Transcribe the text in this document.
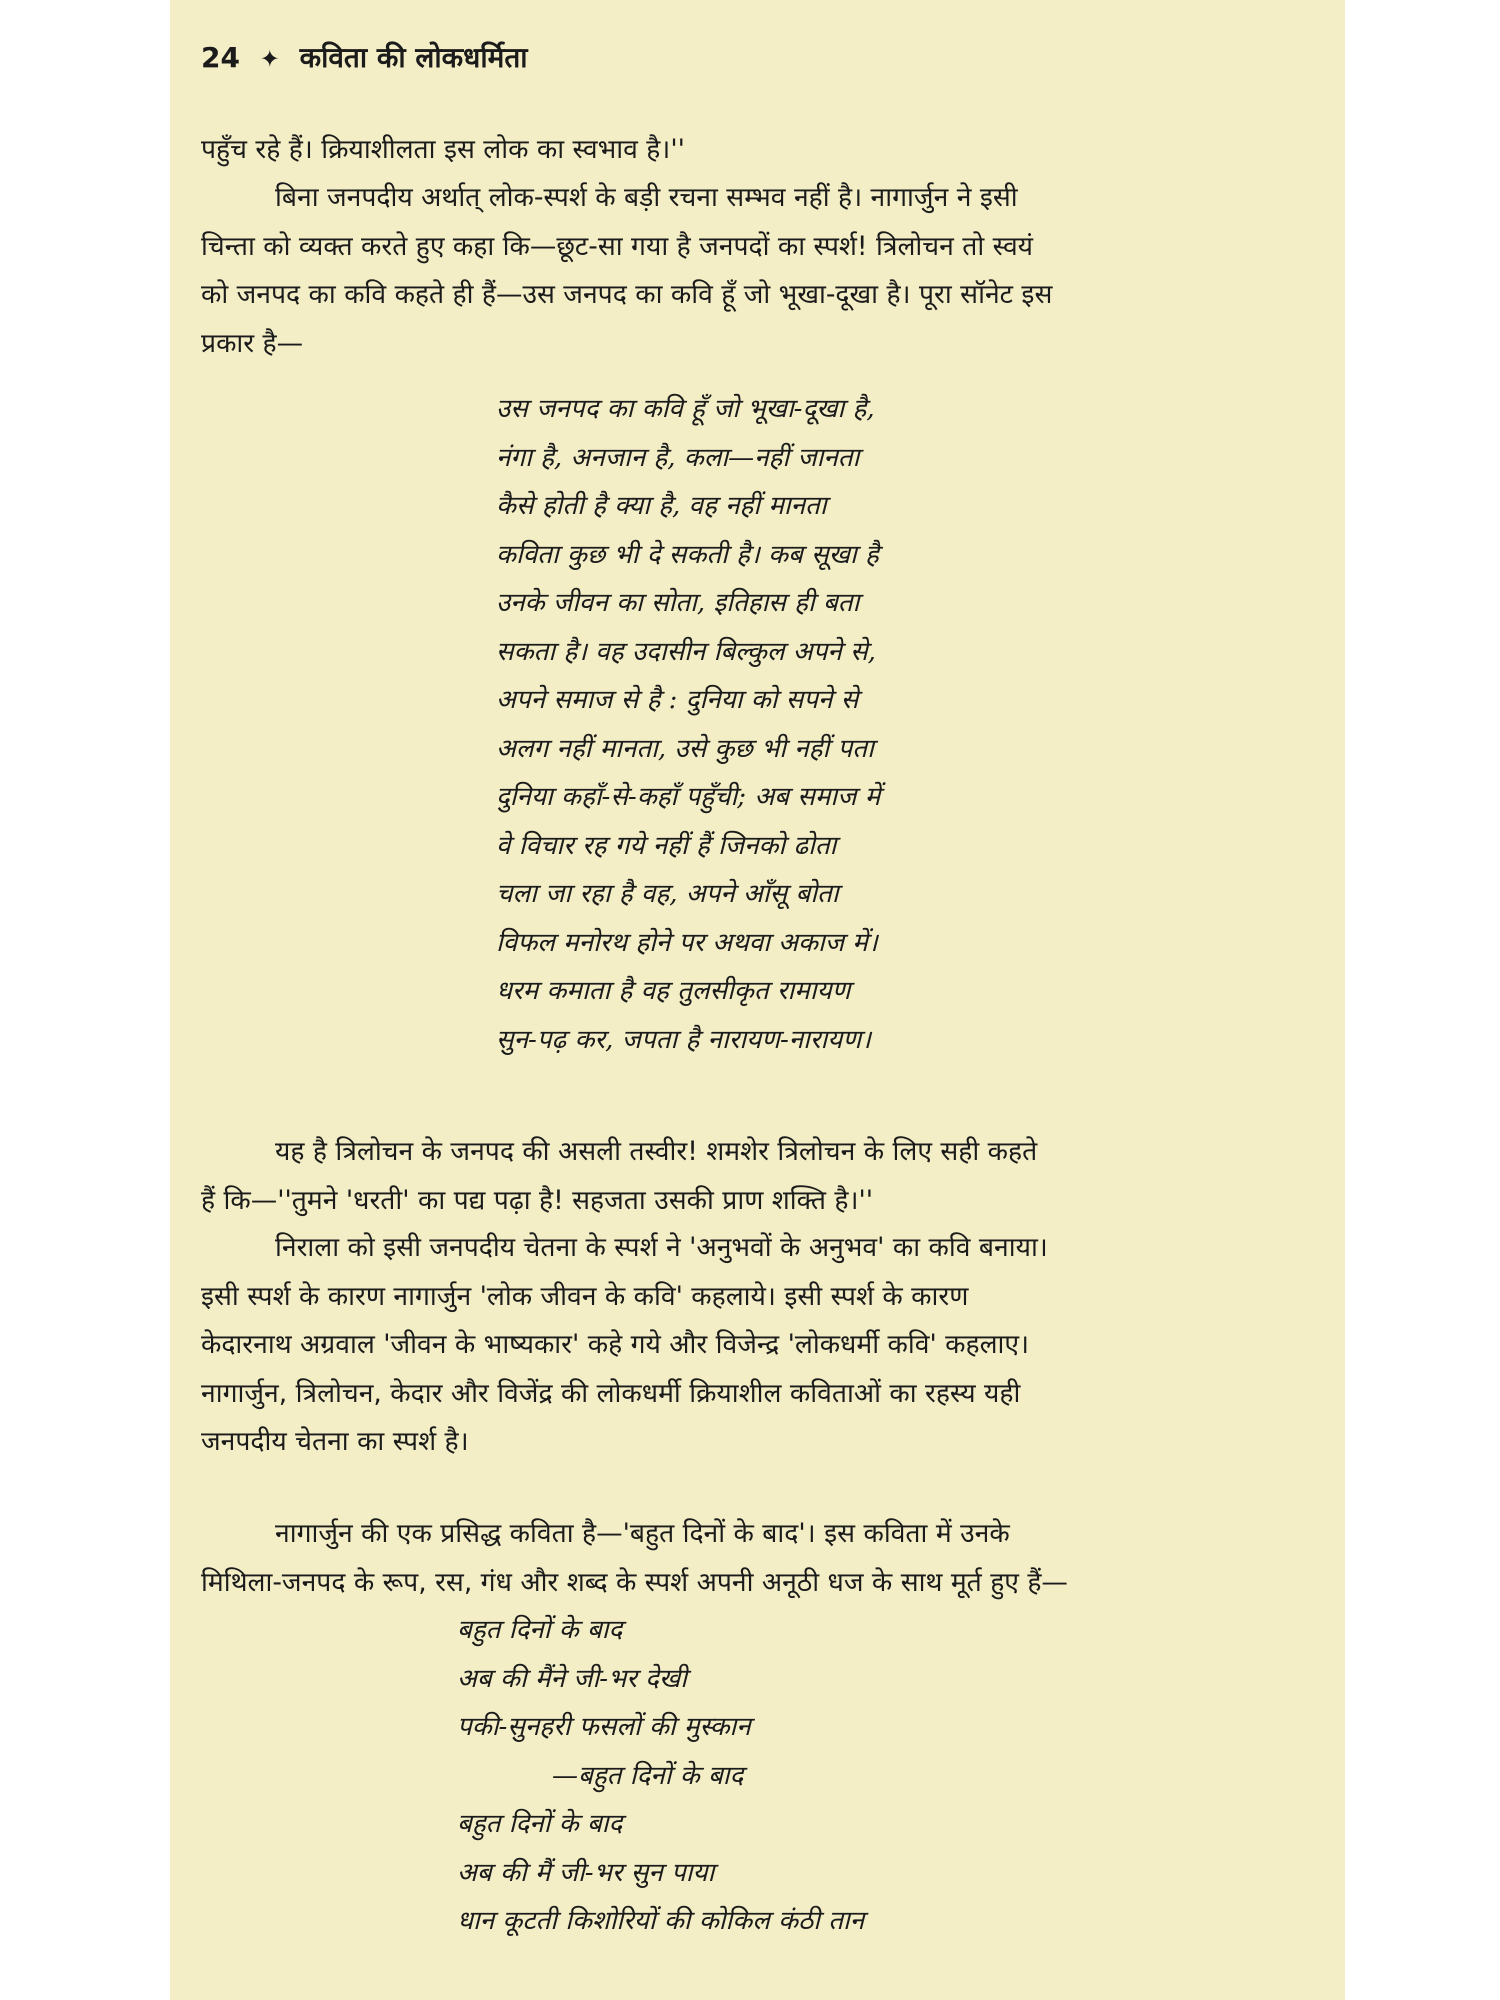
24 ✦ कविता की लोकधर्मिता

पहुँच रहे हैं। क्रियाशीलता इस लोक का स्वभाव है।''

बिना जनपदीय अर्थात् लोक-स्पर्श के बड़ी रचना सम्भव नहीं है। नागार्जुन ने इसी
चिन्ता को व्यक्त करते हुए कहा कि—छूट-सा गया है जनपदों का स्पर्श! त्रिलोचन तो स्वयं
को जनपद का कवि कहते ही हैं—उस जनपद का कवि हूँ जो भूखा-दूखा है। पूरा सॉनेट इस
प्रकार है—

उस जनपद का कवि हूँ जो भूखा-दूखा है,
नंगा है, अनजान है, कला—नहीं जानता
कैसे होती है क्या है, वह नहीं मानता
कविता कुछ भी दे सकती है। कब सूखा है
उनके जीवन का सोता, इतिहास ही बता
सकता है। वह उदासीन बिल्कुल अपने से,
अपने समाज से है : दुनिया को सपने से
अलग नहीं मानता, उसे कुछ भी नहीं पता
दुनिया कहाँ-से-कहाँ पहुँची; अब समाज में
वे विचार रह गये नहीं हैं जिनको ढोता
चला जा रहा है वह, अपने आँसू बोता
विफल मनोरथ होने पर अथवा अकाज में।
धरम कमाता है वह तुलसीकृत रामायण
सुन-पढ़ कर, जपता है नारायण-नारायण।

यह है त्रिलोचन के जनपद की असली तस्वीर! शमशेर त्रिलोचन के लिए सही कहते
हैं कि—''तुमने 'धरती' का पद्य पढ़ा है! सहजता उसकी प्राण शक्ति है।''

निराला को इसी जनपदीय चेतना के स्पर्श ने 'अनुभवों के अनुभव' का कवि बनाया।
इसी स्पर्श के कारण नागार्जुन 'लोक जीवन के कवि' कहलाये। इसी स्पर्श के कारण
केदारनाथ अग्रवाल 'जीवन के भाष्यकार' कहे गये और विजेन्द्र 'लोकधर्मी कवि' कहलाए।
नागार्जुन, त्रिलोचन, केदार और विजेंद्र की लोकधर्मी क्रियाशील कविताओं का रहस्य यही
जनपदीय चेतना का स्पर्श है।

नागार्जुन की एक प्रसिद्ध कविता है—'बहुत दिनों के बाद'। इस कविता में उनके
मिथिला-जनपद के रूप, रस, गंध और शब्द के स्पर्श अपनी अनूठी धज के साथ मूर्त हुए हैं—

बहुत दिनों के बाद
अब की मैंने जी-भर देखी
पकी-सुनहरी फसलों की मुस्कान
—बहुत दिनों के बाद
बहुत दिनों के बाद
अब की मैं जी-भर सुन पाया
धान कूटती किशोरियों की कोकिल कंठी तान
